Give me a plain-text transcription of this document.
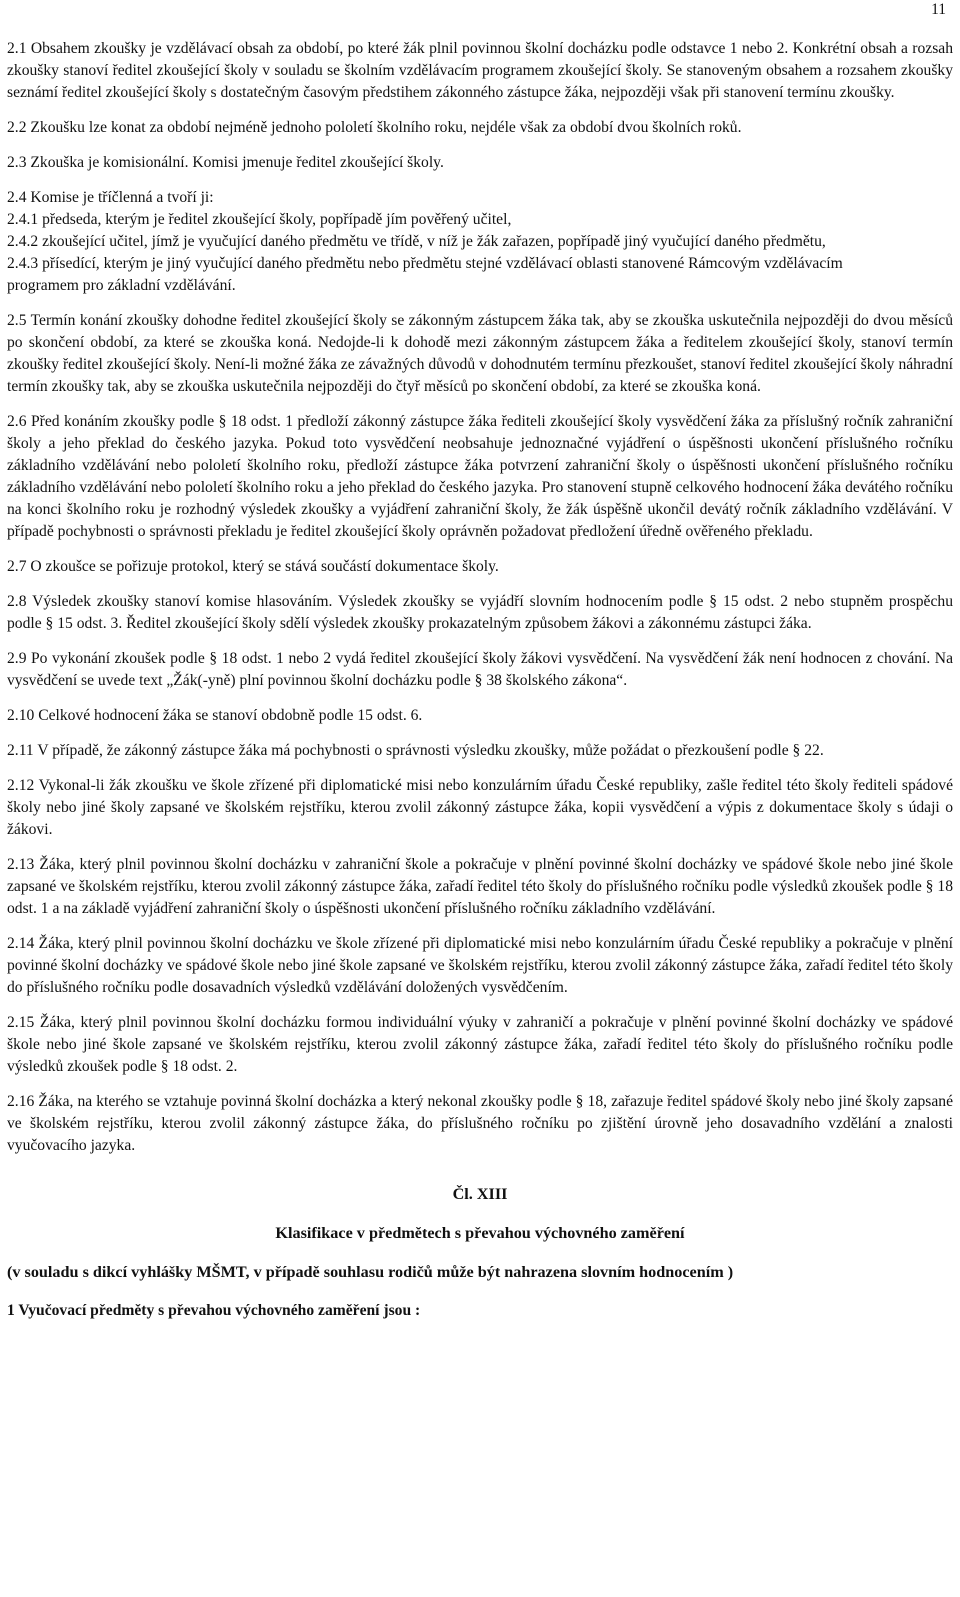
11

2.1 Obsahem zkoušky je vzdělávací obsah za období, po které žák plnil povinnou školní docházku podle odstavce 1 nebo 2. Konkrétní obsah a rozsah zkoušky stanoví ředitel zkoušející školy v souladu se školním vzdělávacím programem zkoušející školy. Se stanoveným obsahem a rozsahem zkoušky seznámí ředitel zkoušející školy s dostatečným časovým předstihem zákonného zástupce žáka, nejpozději však při stanovení termínu zkoušky.

2.2 Zkoušku lze konat za období nejméně jednoho pololetí školního roku, nejdéle však za období dvou školních roků.

2.3 Zkouška je komisionální. Komisi jmenuje ředitel zkoušející školy.

2.4 Komise je tříčlenná a tvoří ji:

2.4.1 předseda, kterým je ředitel zkoušející školy, popřípadě jím pověřený učitel,

2.4.2 zkoušející učitel, jímž je vyučující daného předmětu ve třídě, v níž je žák zařazen, popřípadě jiný vyučující daného předmětu,

2.4.3 přísedící, kterým je jiný vyučující daného předmětu nebo předmětu stejné vzdělávací oblasti stanovené Rámcovým vzdělávacím

programem pro základní vzdělávání.

2.5 Termín konání zkoušky dohodne ředitel zkoušející školy se zákonným zástupcem žáka tak, aby se zkouška uskutečnila nejpozději do dvou měsíců po skončení období, za které se zkouška koná. Nedojde-li k dohodě mezi zákonným zástupcem žáka a ředitelem zkoušející školy, stanoví termín zkoušky ředitel zkoušející školy. Není-li možné žáka ze závažných důvodů v dohodnutém termínu přezkoušet, stanoví ředitel zkoušející školy náhradní termín zkoušky tak, aby se zkouška uskutečnila nejpozději do čtyř měsíců po skončení období, za které se zkouška koná.

2.6 Před konáním zkoušky podle § 18 odst. 1 předloží zákonný zástupce žáka řediteli zkoušející školy vysvědčení žáka za příslušný ročník zahraniční školy a jeho překlad do českého jazyka. Pokud toto vysvědčení neobsahuje jednoznačné vyjádření o úspěšnosti ukončení příslušného ročníku základního vzdělávání nebo pololetí školního roku, předloží zástupce žáka potvrzení zahraniční školy o úspěšnosti ukončení příslušného ročníku základního vzdělávání nebo pololetí školního roku a jeho překlad do českého jazyka. Pro stanovení stupně celkového hodnocení žáka devátého ročníku na konci školního roku je rozhodný výsledek zkoušky a vyjádření zahraniční školy, že žák úspěšně ukončil devátý ročník základního vzdělávání. V případě pochybnosti o správnosti překladu je ředitel zkoušející školy oprávněn požadovat předložení úředně ověřeného překladu.

2.7 O zkoušce se pořizuje protokol, který se stává součástí dokumentace školy.

2.8 Výsledek zkoušky stanoví komise hlasováním. Výsledek zkoušky se vyjádří slovním hodnocením podle § 15 odst. 2 nebo stupněm prospěchu podle § 15 odst. 3. Ředitel zkoušející školy sdělí výsledek zkoušky prokazatelným způsobem žákovi a zákonnému zástupci žáka.

2.9 Po vykonání zkoušek podle § 18 odst. 1 nebo 2 vydá ředitel zkoušející školy žákovi vysvědčení. Na vysvědčení žák není hodnocen z chování. Na vysvědčení se uvede text „Žák(-yně) plní povinnou školní docházku podle § 38 školského zákona“.

2.10 Celkové hodnocení žáka se stanoví obdobně podle 15 odst. 6.

2.11 V případě, že zákonný zástupce žáka má pochybnosti o správnosti výsledku zkoušky, může požádat o přezkoušení podle § 22.

2.12 Vykonal-li žák zkoušku ve škole zřízené při diplomatické misi nebo konzulárním úřadu České republiky, zašle ředitel této školy řediteli spádové školy nebo jiné školy zapsané ve školském rejstříku, kterou zvolil zákonný zástupce žáka, kopii vysvědčení a výpis z dokumentace školy s údaji o žákovi.

2.13 Žáka, který plnil povinnou školní docházku v zahraniční škole a pokračuje v plnění povinné školní docházky ve spádové škole nebo jiné škole zapsané ve školském rejstříku, kterou zvolil zákonný zástupce žáka, zařadí ředitel této školy do příslušného ročníku podle výsledků zkoušek podle § 18 odst. 1 a na základě vyjádření zahraniční školy o úspěšnosti ukončení příslušného ročníku základního vzdělávání.

2.14 Žáka, který plnil povinnou školní docházku ve škole zřízené při diplomatické misi nebo konzulárním úřadu České republiky a pokračuje v plnění povinné školní docházky ve spádové škole nebo jiné škole zapsané ve školském rejstříku, kterou zvolil zákonný zástupce žáka, zařadí ředitel této školy do příslušného ročníku podle dosavadních výsledků vzdělávání doložených vysvědčením.

2.15 Žáka, který plnil povinnou školní docházku formou individuální výuky v zahraničí a pokračuje v plnění povinné školní docházky ve spádové škole nebo jiné škole zapsané ve školském rejstříku, kterou zvolil zákonný zástupce žáka, zařadí ředitel této školy do příslušného ročníku podle výsledků zkoušek podle § 18 odst. 2.

2.16 Žáka, na kterého se vztahuje povinná školní docházka a který nekonal zkoušky podle § 18, zařazuje ředitel spádové školy nebo jiné školy zapsané ve školském rejstříku, kterou zvolil zákonný zástupce žáka, do příslušného ročníku po zjištění úrovně jeho dosavadního vzdělání a znalosti vyučovacího jazyka.

Čl. XIII
Klasifikace v předmětech s převahou výchovného zaměření
(v souladu s dikcí vyhlášky MŠMT, v případě souhlasu rodičů může být nahrazena slovním hodnocením )
1 Vyučovací předměty s převahou výchovného zaměření jsou :
